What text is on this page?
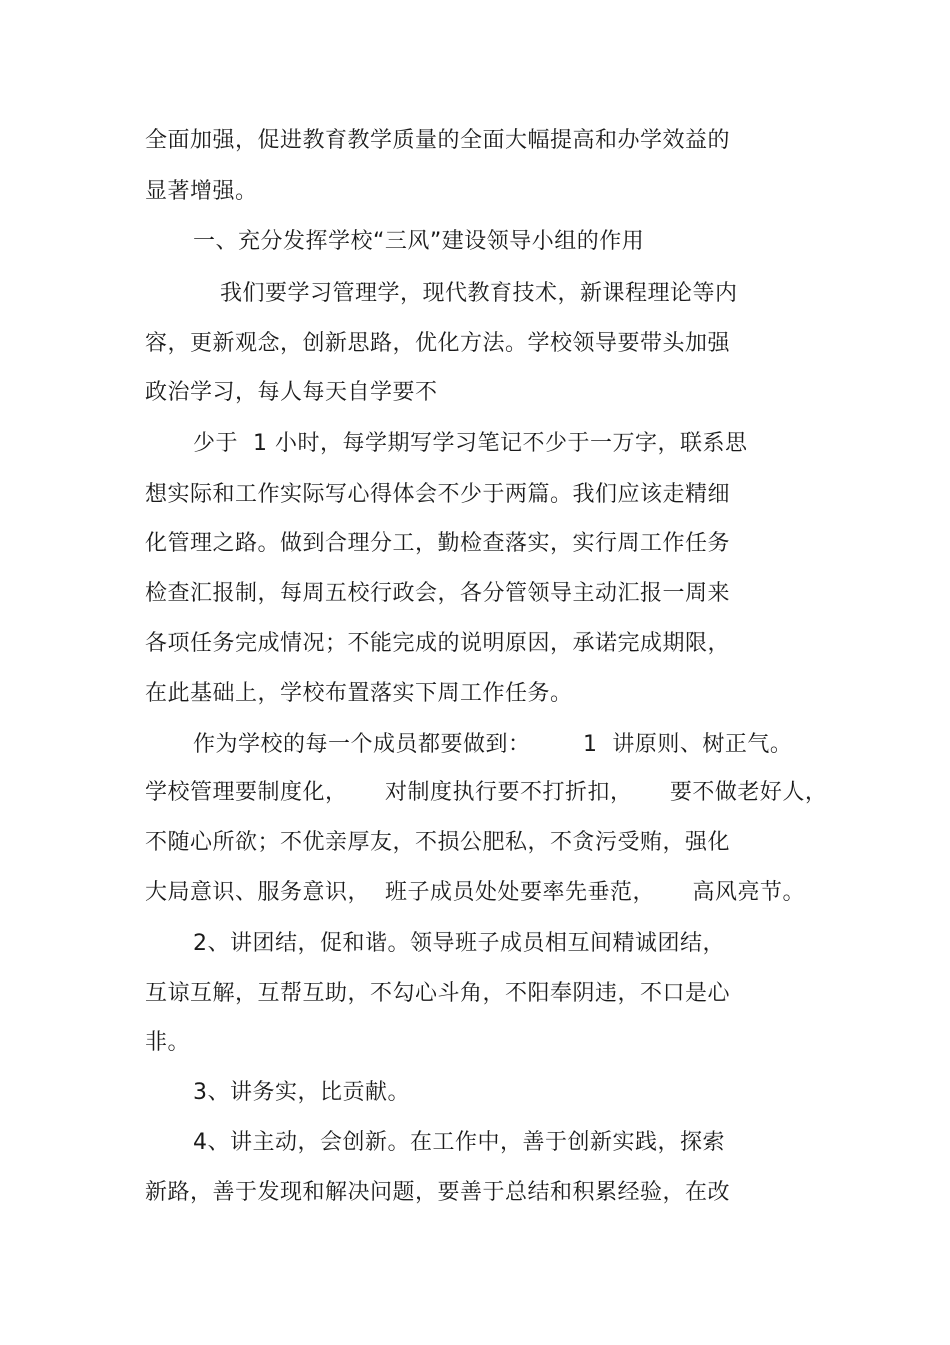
全面加强，促进教育教学质量的全面大幅提高和办学效益的

显著增强。

一、充分发挥学校“三风”建设领导小组的作用

我们要学习管理学，现代教育技术，新课程理论等内

容，更新观念，创新思路，优化方法。学校领导要带头加强

政治学习，每人每天自学要不

少于  1 小时，每学期写学习笔记不少于一万字，联系思

想实际和工作实际写心得体会不少于两篇。我们应该走精细

化管理之路。做到合理分工，勤检查落实，实行周工作任务

检查汇报制，每周五校行政会，各分管领导主动汇报一周来

各项任务完成情况；不能完成的说明原因，承诺完成期限，

在此基础上，学校布置落实下周工作任务。

作为学校的每一个成员都要做到：       1  讲原则、树正气。

学校管理要制度化，     对制度执行要不打折扣，     要不做老好人，

不随心所欲；不优亲厚友，不损公肥私，不贪污受贿，强化

大局意识、服务意识，  班子成员处处要率先垂范，     高风亮节。

2、讲团结，促和谐。领导班子成员相互间精诚团结，

互谅互解，互帮互助，不勾心斗角，不阳奉阴违，不口是心

非。

3、讲务实，比贡献。

4、讲主动，会创新。在工作中，善于创新实践，探索

新路，善于发现和解决问题，要善于总结和积累经验，在改
